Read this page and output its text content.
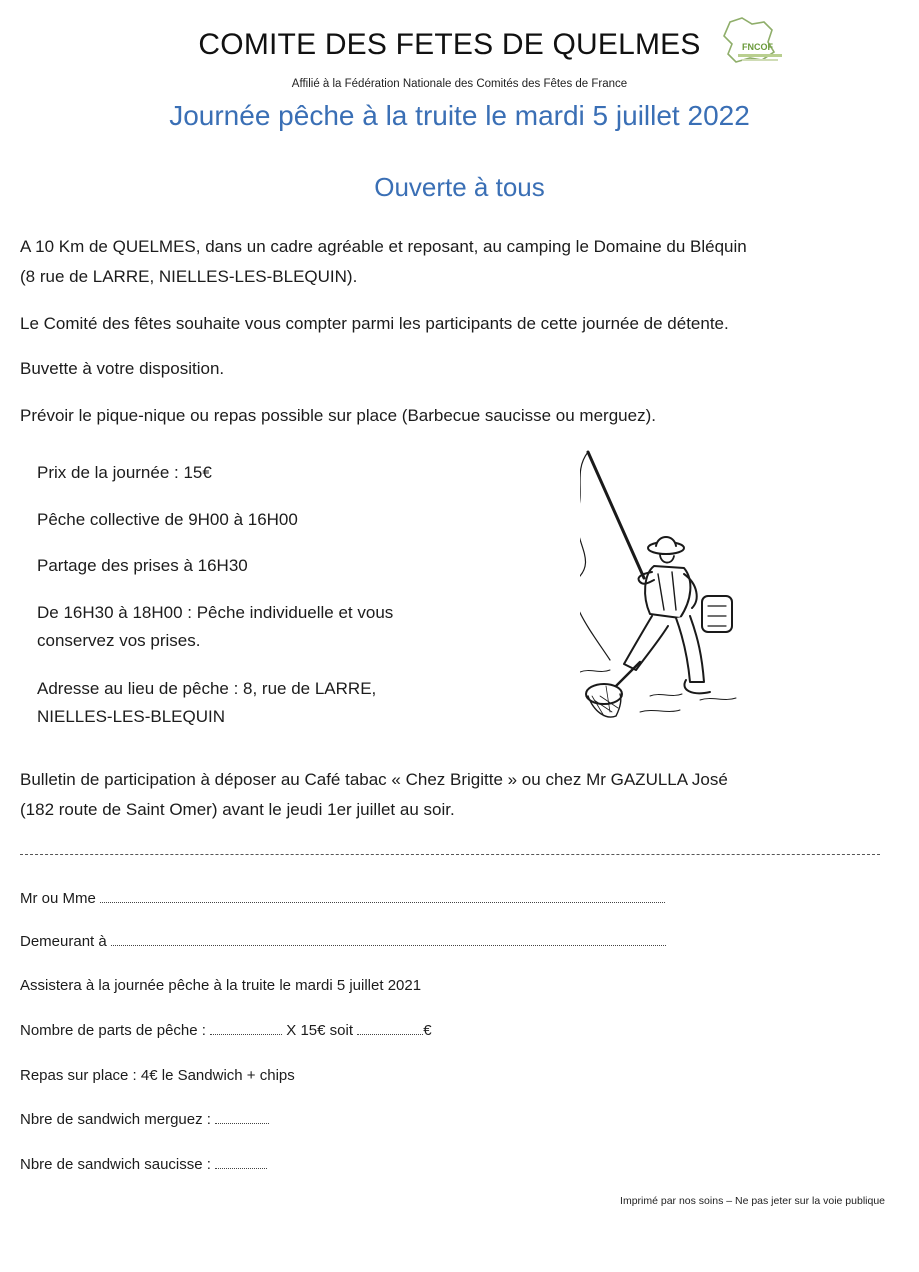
COMITE DES FETES DE QUELMES	FNCOF
Affilié à la Fédération Nationale des Comités des Fêtes de France
Journée pêche à la truite le mardi 5 juillet 2022
Ouverte à tous
A 10 Km de QUELMES, dans un cadre agréable et reposant, au camping le Domaine du Bléquin
(8 rue de LARRE, NIELLES-LES-BLEQUIN).
Le Comité des fêtes souhaite vous compter parmi les participants de cette journée de détente.
Buvette à votre disposition.
Prévoir le pique-nique ou repas possible sur place (Barbecue saucisse ou merguez).
Prix de la journée : 15€
Pêche collective de 9H00 à 16H00
Partage des prises à 16H30
De 16H30 à 18H00 : Pêche individuelle et vous
conservez vos prises.
Adresse au lieu de pêche : 8, rue de LARRE,
NIELLES-LES-BLEQUIN
Bulletin de participation à déposer au Café tabac « Chez Brigitte » ou chez Mr GAZULLA José
(182 route de Saint Omer) avant le jeudi 1er juillet au soir.
Mr ou Mme
Demeurant à
Assistera à la journée pêche à la truite le mardi 5 juillet 2021
Nombre de parts de pêche :	X 15€ soit	€
Repas sur place : 4€ le Sandwich + chips
Nbre de sandwich merguez :
Nbre de sandwich saucisse :
Imprimé par nos soins – Ne pas jeter sur la voie publique
